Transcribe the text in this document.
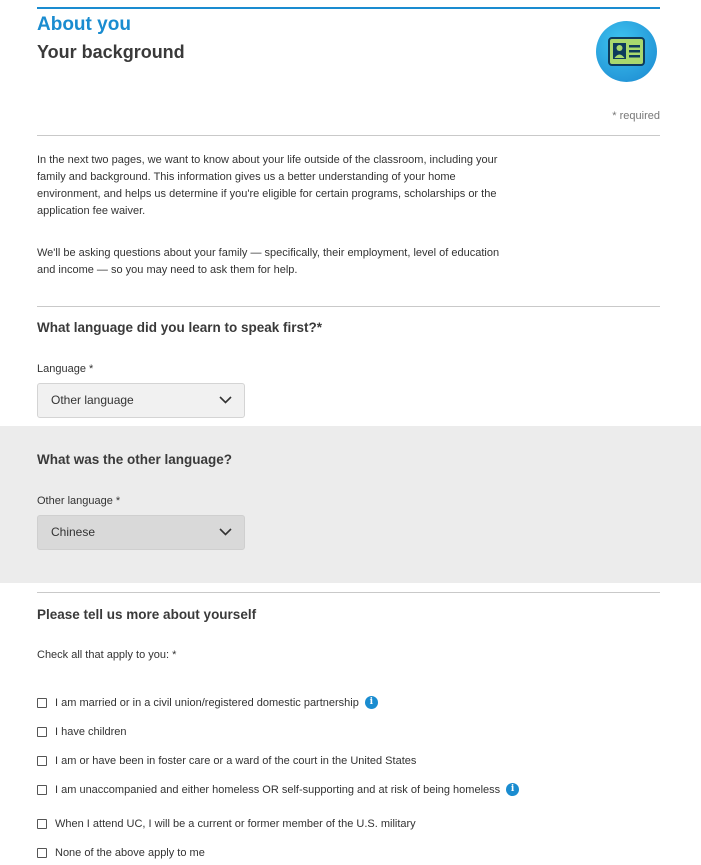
About you
Your background
* required

In the next two pages, we want to know about your life outside of the classroom, including your family and background. This information gives us a better understanding of your home environment, and helps us determine if you're eligible for certain programs, scholarships or the application fee waiver.

We'll be asking questions about your family — specifically, their employment, level of education and income — so you may need to ask them for help.

What language did you learn to speak first?*
Language *
Other language
What was the other language?
Other language *
Chinese
Please tell us more about yourself
Check all that apply to you: *
I am married or in a civil union/registered domestic partnership	i
I have children
I am or have been in foster care or a ward of the court in the United States
I am unaccompanied and either homeless OR self-supporting and at risk of being homeless	i
When I attend UC, I will be a current or former member of the U.S. military
None of the above apply to me
